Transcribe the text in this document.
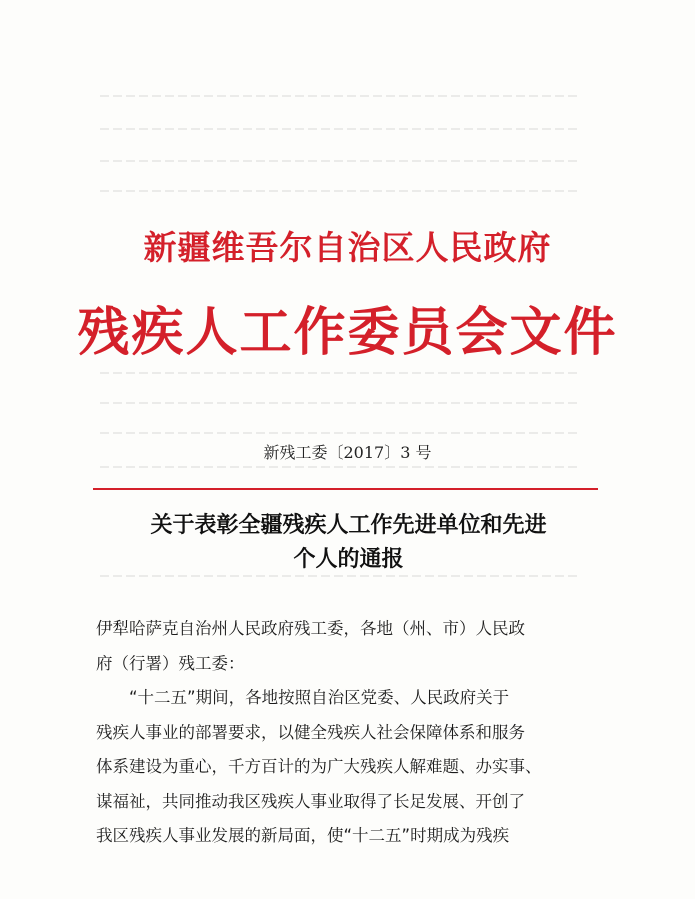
新疆维吾尔自治区人民政府
残疾人工作委员会文件
新残工委〔2017〕3 号
关于表彰全疆残疾人工作先进单位和先进
个人的通报

伊犁哈萨克自治州人民政府残工委，各地（州、市）人民政
府（行署）残工委：

“十二五”期间，各地按照自治区党委、人民政府关于
残疾人事业的部署要求，以健全残疾人社会保障体系和服务
体系建设为重心，千方百计的为广大残疾人解难题、办实事、
谋福祉，共同推动我区残疾人事业取得了长足发展、开创了
我区残疾人事业发展的新局面，使“十二五”时期成为残疾
